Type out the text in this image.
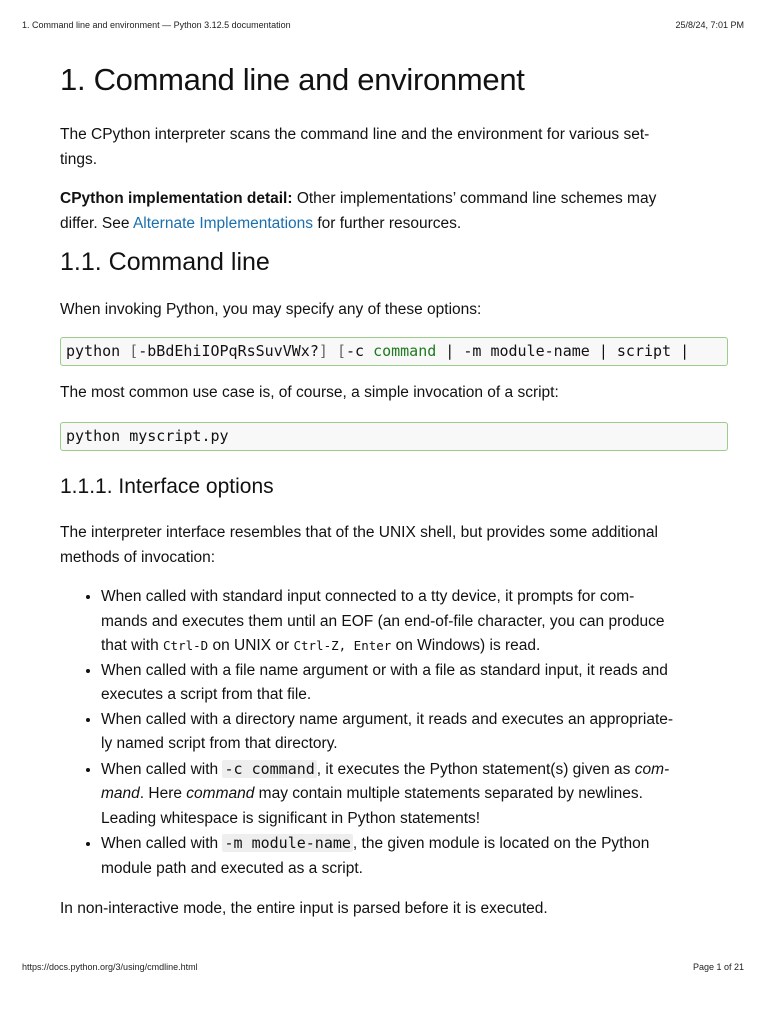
1. Command line and environment — Python 3.12.5 documentation	25/8/24, 7:01 PM
1. Command line and environment

The CPython interpreter scans the command line and the environment for various set-
tings.

CPython implementation detail: Other implementations’ command line schemes may
differ. See Alternate Implementations for further resources.

1.1. Command line

When invoking Python, you may specify any of these options:

python [-bBdEhiIOPqRsSuvVWx?] [-c command | -m module-name | script |

The most common use case is, of course, a simple invocation of a script:

python myscript.py
1.1.1. Interface options

The interpreter interface resembles that of the UNIX shell, but provides some additional
methods of invocation:

• When called with standard input connected to a tty device, it prompts for com-
mands and executes them until an EOF (an end-of-file character, you can produce
that with Ctrl-D on UNIX or Ctrl-Z, Enter on Windows) is read.
• When called with a file name argument or with a file as standard input, it reads and
executes a script from that file.
• When called with a directory name argument, it reads and executes an appropriate-
ly named script from that directory.
• When called with -c command , it executes the Python statement(s) given as com-
mand. Here command may contain multiple statements separated by newlines.
Leading whitespace is significant in Python statements!
• When called with -m module-name , the given module is located on the Python
module path and executed as a script.

In non-interactive mode, the entire input is parsed before it is executed.

https://docs.python.org/3/using/cmdline.html	Page 1 of 21
